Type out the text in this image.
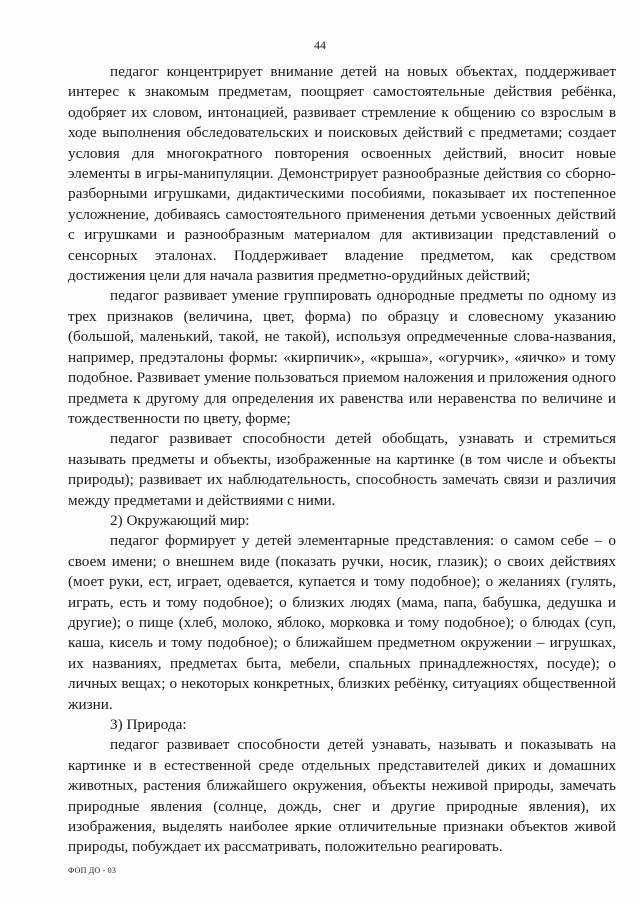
44

педагог концентрирует внимание детей на новых объектах, поддерживает интерес к знакомым предметам, поощряет самостоятельные действия ребёнка, одобряет их словом, интонацией, развивает стремление к общению со взрослым в ходе выполнения обследовательских и поисковых действий с предметами; создает условия для многократного повторения освоенных действий, вносит новые элементы в игры-манипуляции. Демонстрирует разнообразные действия со сборно-разборными игрушками, дидактическими пособиями, показывает их постепенное усложнение, добиваясь самостоятельного применения детьми усвоенных действий с игрушками и разнообразным материалом для активизации представлений о сенсорных эталонах. Поддерживает владение предметом, как средством достижения цели для начала развития предметно-орудийных действий;

педагог развивает умение группировать однородные предметы по одному из трех признаков (величина, цвет, форма) по образцу и словесному указанию (большой, маленький, такой, не такой), используя опредмеченные слова-названия, например, предэталоны формы: «кирпичик», «крыша», «огурчик», «яичко» и тому подобное. Развивает умение пользоваться приемом наложения и приложения одного предмета к другому для определения их равенства или неравенства по величине и тождественности по цвету, форме;

педагог развивает способности детей обобщать, узнавать и стремиться называть предметы и объекты, изображенные на картинке (в том числе и объекты природы); развивает их наблюдательность, способность замечать связи и различия между предметами и действиями с ними.

2) Окружающий мир:

педагог формирует у детей элементарные представления: о самом себе – о своем имени; о внешнем виде (показать ручки, носик, глазик); о своих действиях (моет руки, ест, играет, одевается, купается и тому подобное); о желаниях (гулять, играть, есть и тому подобное); о близких людях (мама, папа, бабушка, дедушка и другие); о пище (хлеб, молоко, яблоко, морковка и тому подобное); о блюдах (суп, каша, кисель и тому подобное); о ближайшем предметном окружении – игрушках, их названиях, предметах быта, мебели, спальных принадлежностях, посуде); о личных вещах; о некоторых конкретных, близких ребёнку, ситуациях общественной жизни.

3) Природа:

педагог развивает способности детей узнавать, называть и показывать на картинке и в естественной среде отдельных представителей диких и домашних животных, растения ближайшего окружения, объекты неживой природы, замечать природные явления (солнце, дождь, снег и другие природные явления), их изображения, выделять наиболее яркие отличительные признаки объектов живой природы, побуждает их рассматривать, положительно реагировать.

ФОП ДО - 03
